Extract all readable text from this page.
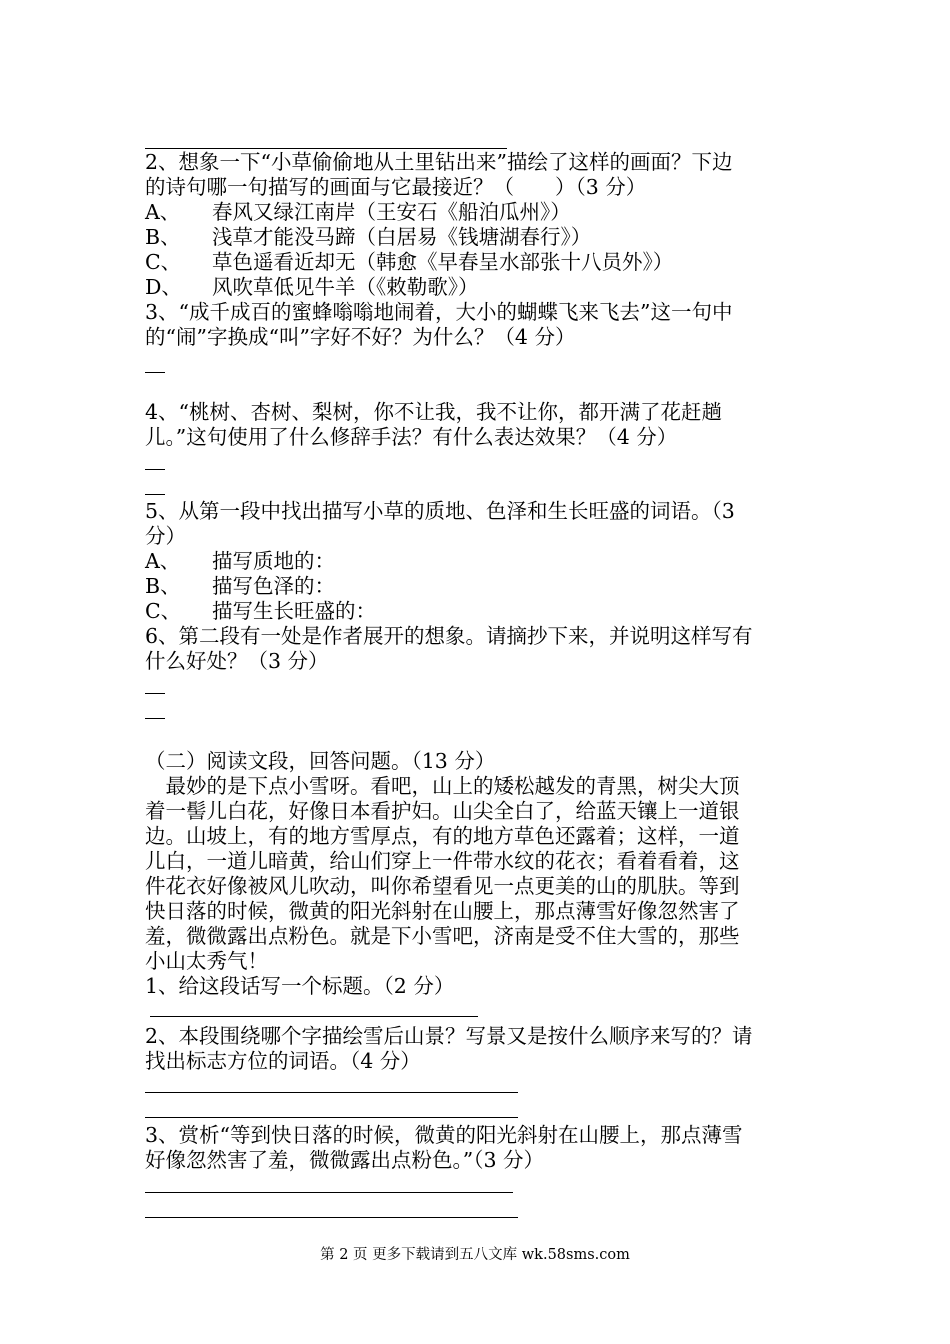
2、想象一下“小草偷偷地从土里钻出来”描绘了这样的画面？下边
的诗句哪一句描写的画面与它最接近？（　　）（3 分）
A、 春风又绿江南岸（王安石《船泊瓜州》）
B、 浅草才能没马蹄（白居易《钱塘湖春行》）
C、 草色遥看近却无（韩愈《早春呈水部张十八员外》）
D、 风吹草低见牛羊（《敕勒歌》）
3、“成千成百的蜜蜂嗡嗡地闹着，大小的蝴蝶飞来飞去”这一句中
的“闹”字换成“叫”字好不好？为什么？（4 分）
4、“桃树、杏树、梨树，你不让我，我不让你，都开满了花赶趟
儿。”这句使用了什么修辞手法？有什么表达效果？（4 分）
5、从第一段中找出描写小草的质地、色泽和生长旺盛的词语。（3
分）
A、 描写质地的：
B、 描写色泽的：
C、 描写生长旺盛的：
6、第二段有一处是作者展开的想象。请摘抄下来，并说明这样写有
什么好处？（3 分）
（二）阅读文段，回答问题。（13 分）
　最妙的是下点小雪呀。看吧，山上的矮松越发的青黑，树尖大顶
着一髻儿白花，好像日本看护妇。山尖全白了，给蓝天镶上一道银
边。山坡上，有的地方雪厚点，有的地方草色还露着；这样，一道
儿白，一道儿暗黄，给山们穿上一件带水纹的花衣；看着看着，这
件花衣好像被风儿吹动，叫你希望看见一点更美的山的肌肤。等到
快日落的时候，微黄的阳光斜射在山腰上，那点薄雪好像忽然害了
羞，微微露出点粉色。就是下小雪吧，济南是受不住大雪的，那些
小山太秀气！
1、给这段话写一个标题。（2 分）
2、本段围绕哪个字描绘雪后山景？写景又是按什么顺序来写的？请
找出标志方位的词语。（4 分）
3、赏析“等到快日落的时候，微黄的阳光斜射在山腰上，那点薄雪
好像忽然害了羞，微微露出点粉色。”（3 分）
第 2 页 更多下载请到五八文库 wk.58sms.com
